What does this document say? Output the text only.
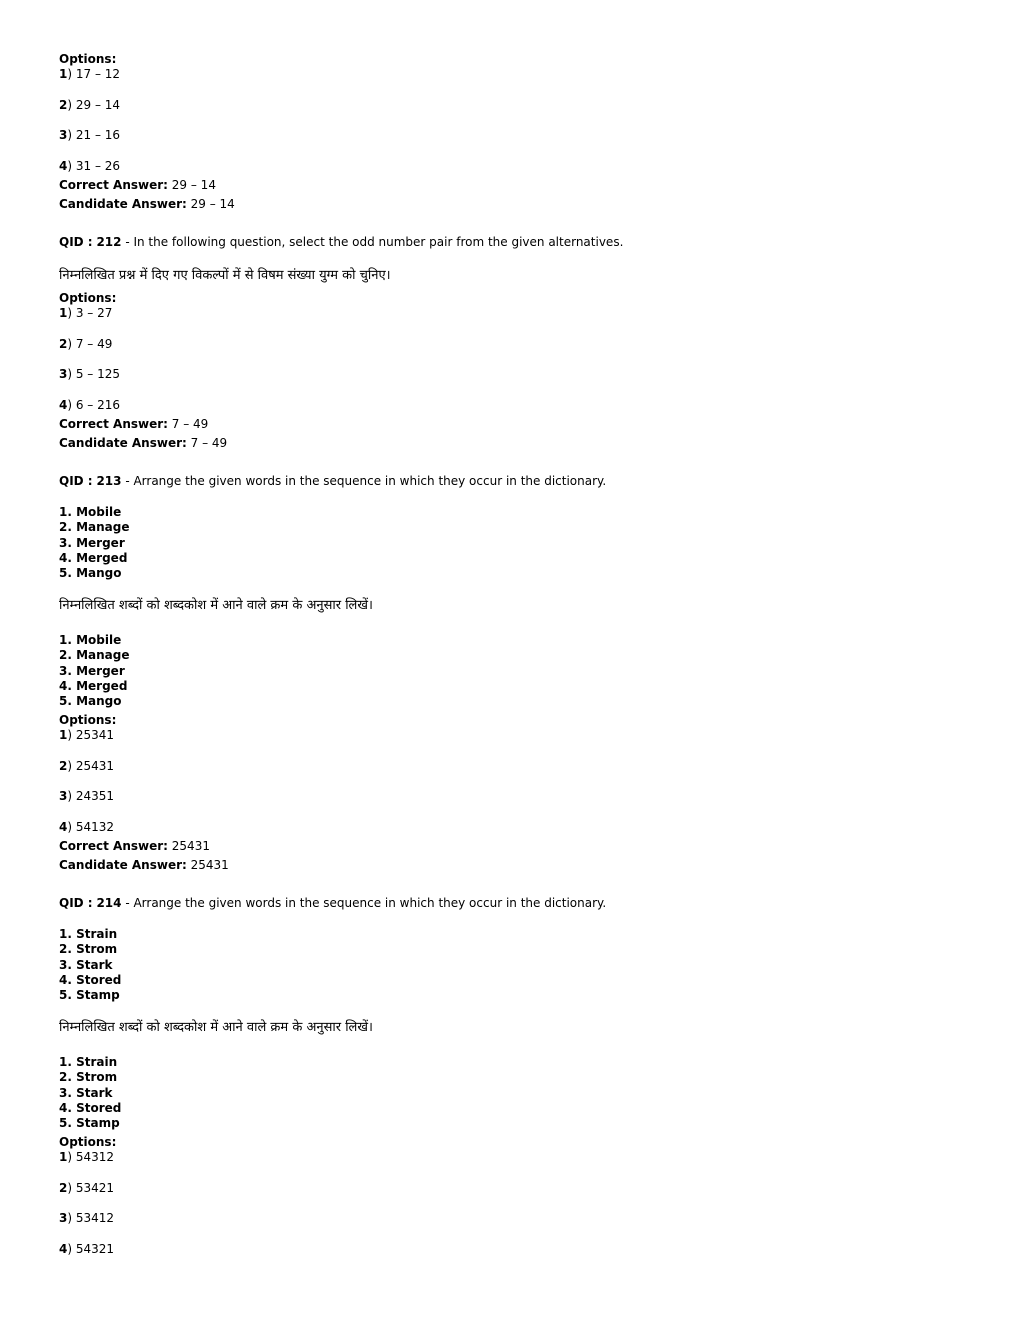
Options:
1) 17 – 12
2) 29 – 14
3) 21 – 16
4) 31 – 26
Correct Answer: 29 – 14
Candidate Answer: 29 – 14
QID : 212 - In the following question, select the odd number pair from the given alternatives.
निम्नलिखित प्रश्न में दिए गए विकल्पों में से विषम संख्या युग्म को चुनिए।
Options:
1) 3 – 27
2) 7 – 49
3) 5 – 125
4) 6 – 216
Correct Answer: 7 – 49
Candidate Answer: 7 – 49
QID : 213 - Arrange the given words in the sequence in which they occur in the dictionary.
1. Mobile
2. Manage
3. Merger
4. Merged
5. Mango
निम्नलिखित शब्दों को शब्दकोश में आने वाले क्रम के अनुसार लिखें।
1. Mobile
2. Manage
3. Merger
4. Merged
5. Mango
Options:
1) 25341
2) 25431
3) 24351
4) 54132
Correct Answer: 25431
Candidate Answer: 25431
QID : 214 - Arrange the given words in the sequence in which they occur in the dictionary.
1. Strain
2. Strom
3. Stark
4. Stored
5. Stamp
निम्नलिखित शब्दों को शब्दकोश में आने वाले क्रम के अनुसार लिखें।
1. Strain
2. Strom
3. Stark
4. Stored
5. Stamp
Options:
1) 54312
2) 53421
3) 53412
4) 54321
